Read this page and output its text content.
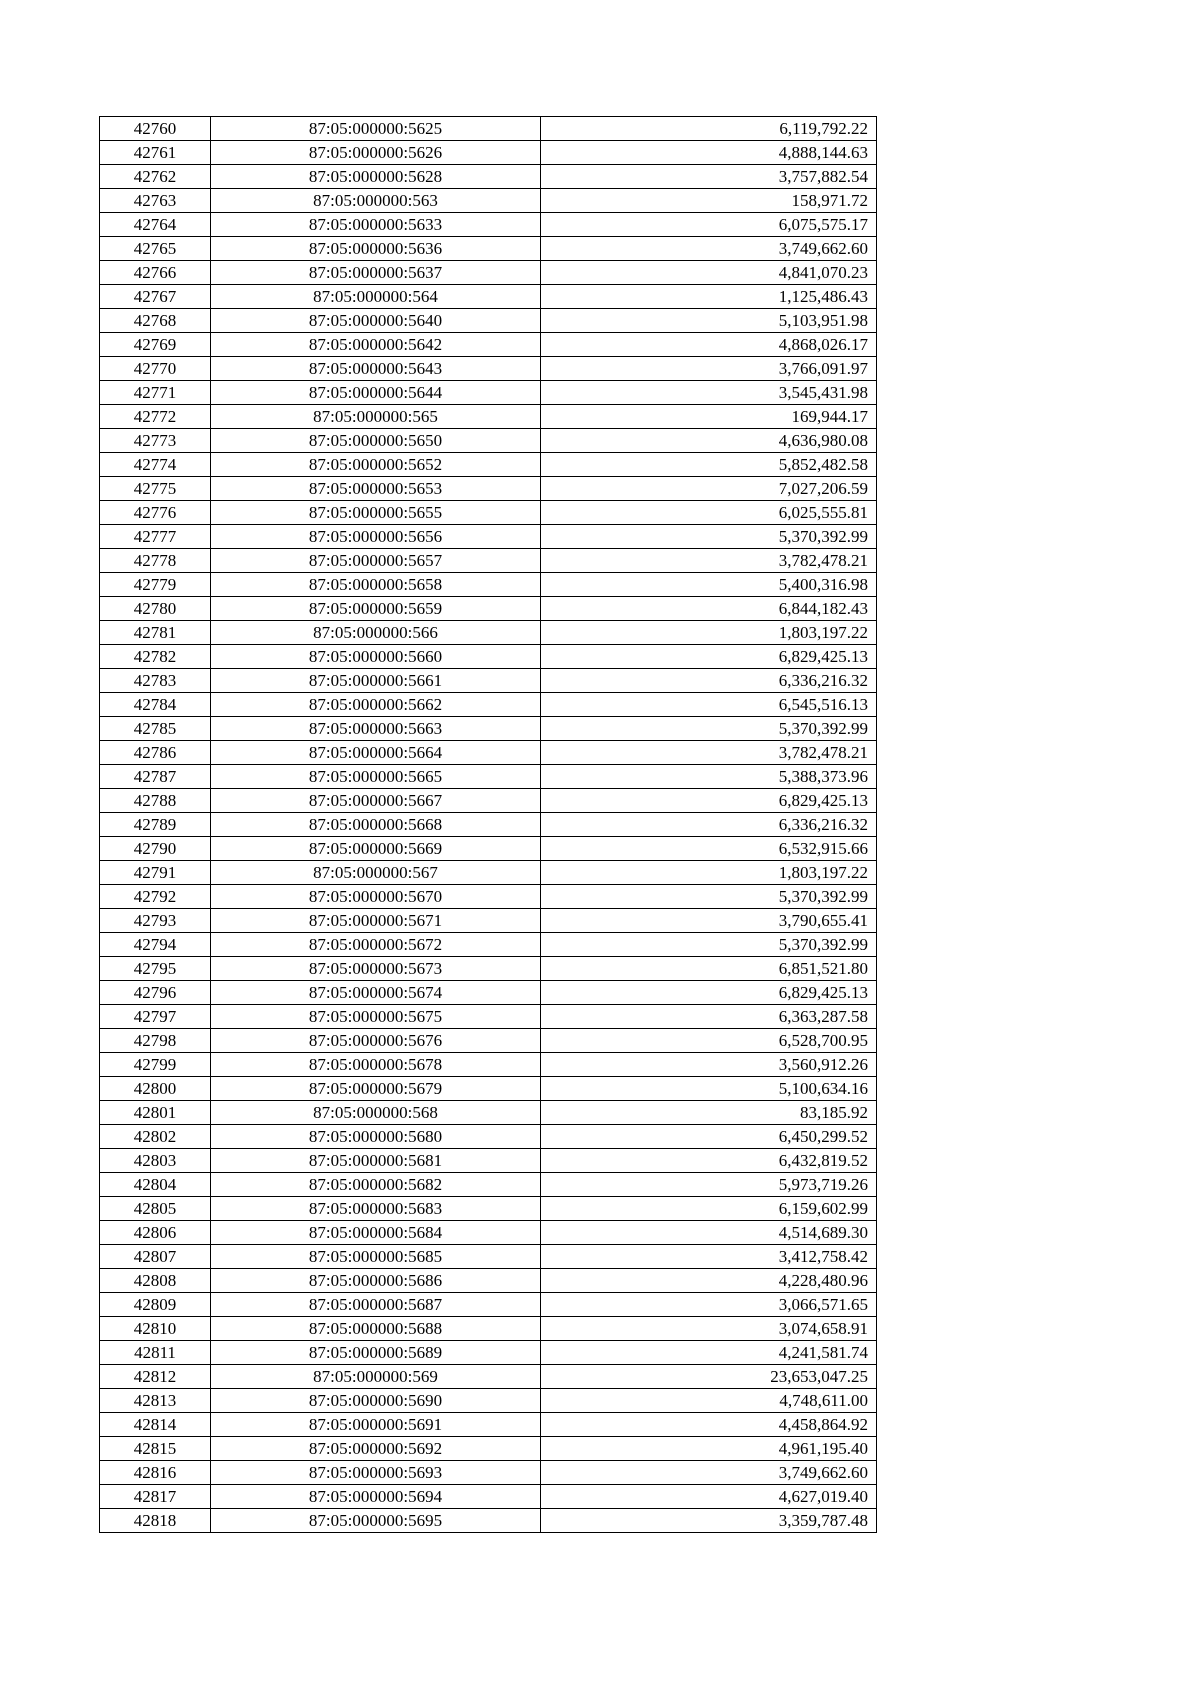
42760	87:05:000000:5625	6,119,792.22
42761	87:05:000000:5626	4,888,144.63
42762	87:05:000000:5628	3,757,882.54
42763	87:05:000000:563	158,971.72
42764	87:05:000000:5633	6,075,575.17
42765	87:05:000000:5636	3,749,662.60
42766	87:05:000000:5637	4,841,070.23
42767	87:05:000000:564	1,125,486.43
42768	87:05:000000:5640	5,103,951.98
42769	87:05:000000:5642	4,868,026.17
42770	87:05:000000:5643	3,766,091.97
42771	87:05:000000:5644	3,545,431.98
42772	87:05:000000:565	169,944.17
42773	87:05:000000:5650	4,636,980.08
42774	87:05:000000:5652	5,852,482.58
42775	87:05:000000:5653	7,027,206.59
42776	87:05:000000:5655	6,025,555.81
42777	87:05:000000:5656	5,370,392.99
42778	87:05:000000:5657	3,782,478.21
42779	87:05:000000:5658	5,400,316.98
42780	87:05:000000:5659	6,844,182.43
42781	87:05:000000:566	1,803,197.22
42782	87:05:000000:5660	6,829,425.13
42783	87:05:000000:5661	6,336,216.32
42784	87:05:000000:5662	6,545,516.13
42785	87:05:000000:5663	5,370,392.99
42786	87:05:000000:5664	3,782,478.21
42787	87:05:000000:5665	5,388,373.96
42788	87:05:000000:5667	6,829,425.13
42789	87:05:000000:5668	6,336,216.32
42790	87:05:000000:5669	6,532,915.66
42791	87:05:000000:567	1,803,197.22
42792	87:05:000000:5670	5,370,392.99
42793	87:05:000000:5671	3,790,655.41
42794	87:05:000000:5672	5,370,392.99
42795	87:05:000000:5673	6,851,521.80
42796	87:05:000000:5674	6,829,425.13
42797	87:05:000000:5675	6,363,287.58
42798	87:05:000000:5676	6,528,700.95
42799	87:05:000000:5678	3,560,912.26
42800	87:05:000000:5679	5,100,634.16
42801	87:05:000000:568	83,185.92
42802	87:05:000000:5680	6,450,299.52
42803	87:05:000000:5681	6,432,819.52
42804	87:05:000000:5682	5,973,719.26
42805	87:05:000000:5683	6,159,602.99
42806	87:05:000000:5684	4,514,689.30
42807	87:05:000000:5685	3,412,758.42
42808	87:05:000000:5686	4,228,480.96
42809	87:05:000000:5687	3,066,571.65
42810	87:05:000000:5688	3,074,658.91
42811	87:05:000000:5689	4,241,581.74
42812	87:05:000000:569	23,653,047.25
42813	87:05:000000:5690	4,748,611.00
42814	87:05:000000:5691	4,458,864.92
42815	87:05:000000:5692	4,961,195.40
42816	87:05:000000:5693	3,749,662.60
42817	87:05:000000:5694	4,627,019.40
42818	87:05:000000:5695	3,359,787.48
